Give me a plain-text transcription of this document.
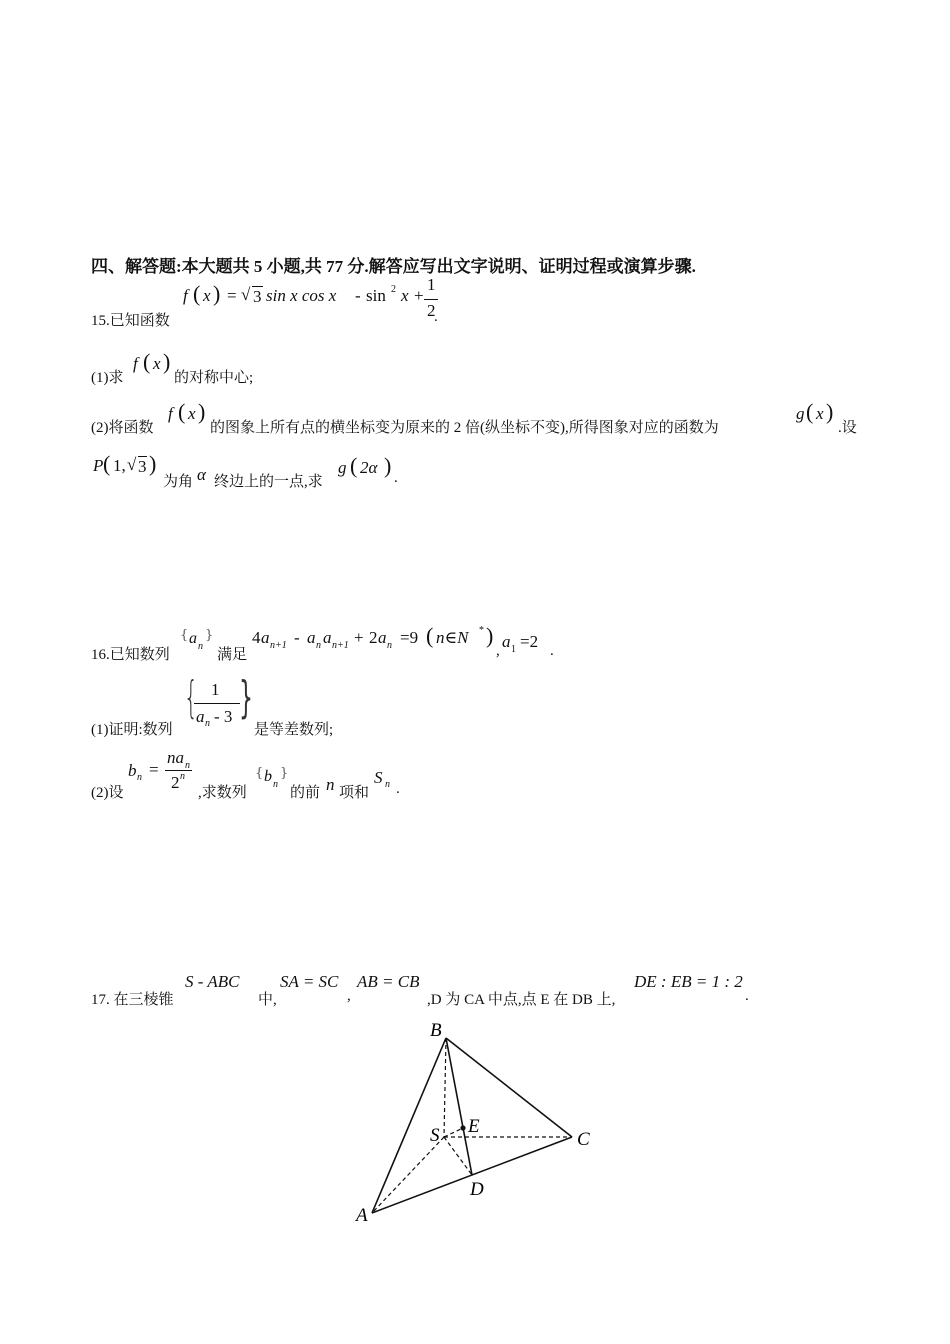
四、解答题:本大题共 5 小题,共 77 分.解答应写出文字说明、证明过程或演算步骤.
15.已知函数
f ( x ) = √ 3 sin x cos x - sin 2 x +
1
2
.
(1)求
f ( x )
的对称中心;
(2)将函数
f ( x )
的图象上所有点的横坐标变为原来的 2 倍(纵坐标不变),所得图象对应的函数为
g ( x )
.设
P ( 1, √ 3 )
为角 α 终边上的一点,求
g ( 2α ) .
16.已知数列
{ a n
}
满足
4 a n+1 - a n a n+1 + 2 a n =9 ( n∈N * )
, a 1 =2 .
(1)证明:数列
{ 1
a n - 3 }
是等差数列;
(2)设
b n =
na n
2 n
,求数列
{ b n
}
的前 n 项和
S n .
17. 在三棱锥
S - ABC
中,
SA = SC
,
AB = CB
,D 为 CA 中点,点 E 在 DB 上,
DE : EB = 1 : 2
.
B
S E
C
D
A
